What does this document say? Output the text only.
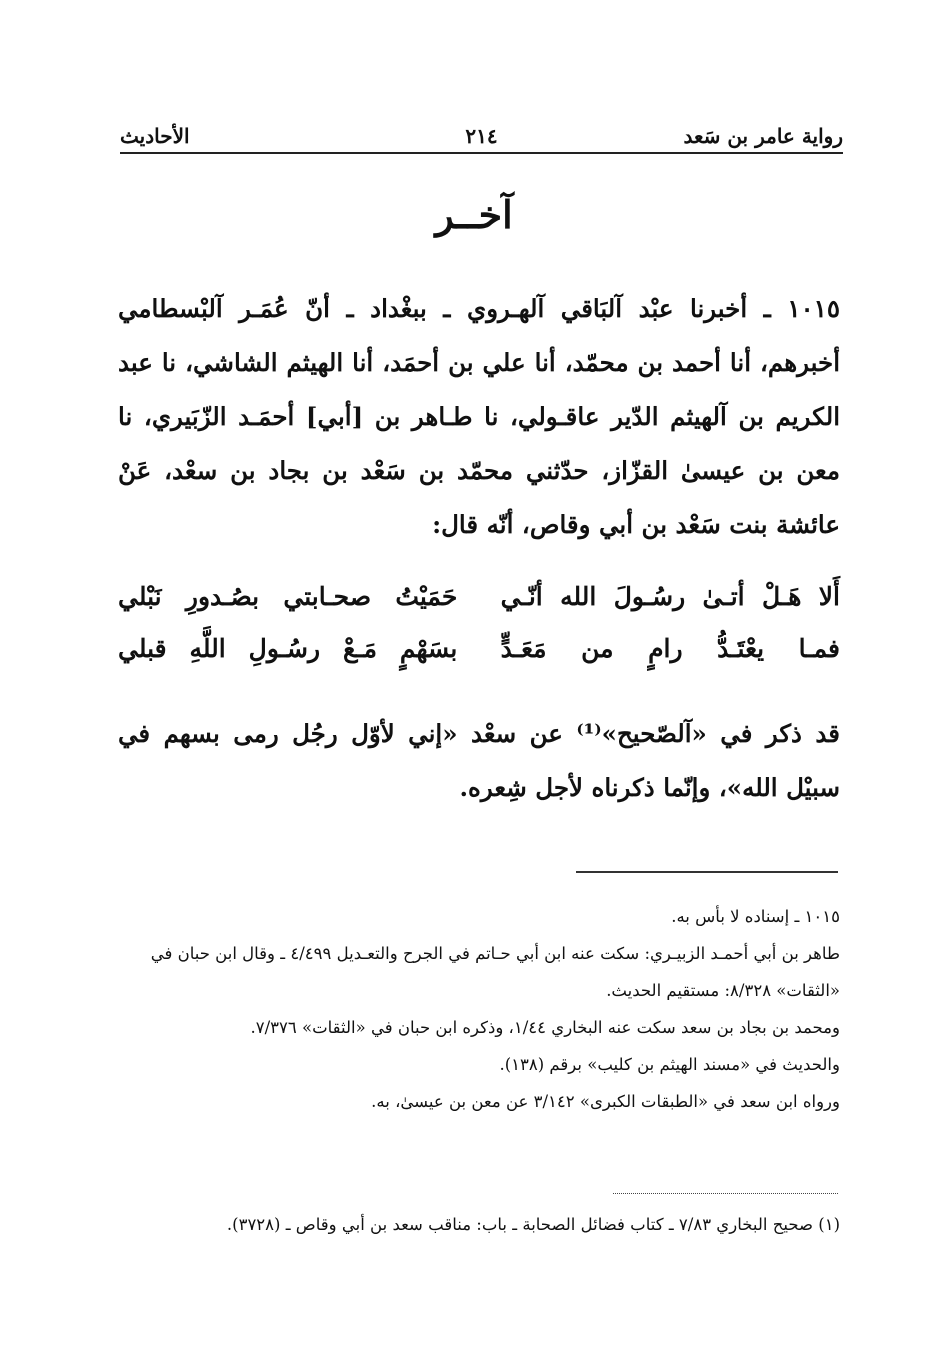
رواية عامر بن سَعد
٢١٤
الأحاديث
آخــر
١٠١٥ ـ أخبرنا عبْد آلبَاقي آلهـروي ـ ببغْداد ـ أنّ عُمَـر آلبْسطامي أخبرهم، أنا أحمد بن محمّد، أنا علي بن أحمَد، أنا الهيثم الشاشي، نا عبد الكريم بن آلهيثم الدّير عاقـولي، نا طـاهر بن [أبي] أحمَـد الزّبَيري، نا معن بن عيسىٰ القزّاز، حدّثني محمّد بن سَعْد بن بجاد بن سعْد، عَنْ عائشة بنت سَعْد بن أبي وقاص، أنّه قال:
أَلا هَـلْ أتـىٰ رسُـولَ الله أنّـي
حَمَيْتُ صحـابتي بصُـدورِ نَبْلي
فمـا يعْتَـدُّ رامٍ من مَعَـدٍّ
بسَهْمٍ مَـعْ رسُـولِ اللَّهِ قبلي
قد ذكر في «آلصّحيح»⁽¹⁾ عن سعْد «إني لأوّل رجُل رمى بسهم في سبيْل الله»، وإنّما ذكرناه لأجل شِعره.

١٠١٥ ـ إسناده لا بأس به.

طاهر بن أبي أحمـد الزبيـري: سكت عنه ابن أبي حـاتم في الجرح والتعـديل ٤/٤٩٩ ـ وقال ابن حبان في «الثقات» ٨/٣٢٨: مستقيم الحديث.

ومحمد بن بجاد بن سعد سكت عنه البخاري ١/٤٤، وذكره ابن حبان في «الثقات» ٧/٣٧٦.

والحديث في «مسند الهيثم بن كليب» برقم (١٣٨).

ورواه ابن سعد في «الطبقات الكبرى» ٣/١٤٢ عن معن بن عيسىٰ، به.

(١) صحيح البخاري ٧/٨٣ ـ كتاب فضائل الصحابة ـ باب: مناقب سعد بن أبي وقاص ـ (٣٧٢٨).
